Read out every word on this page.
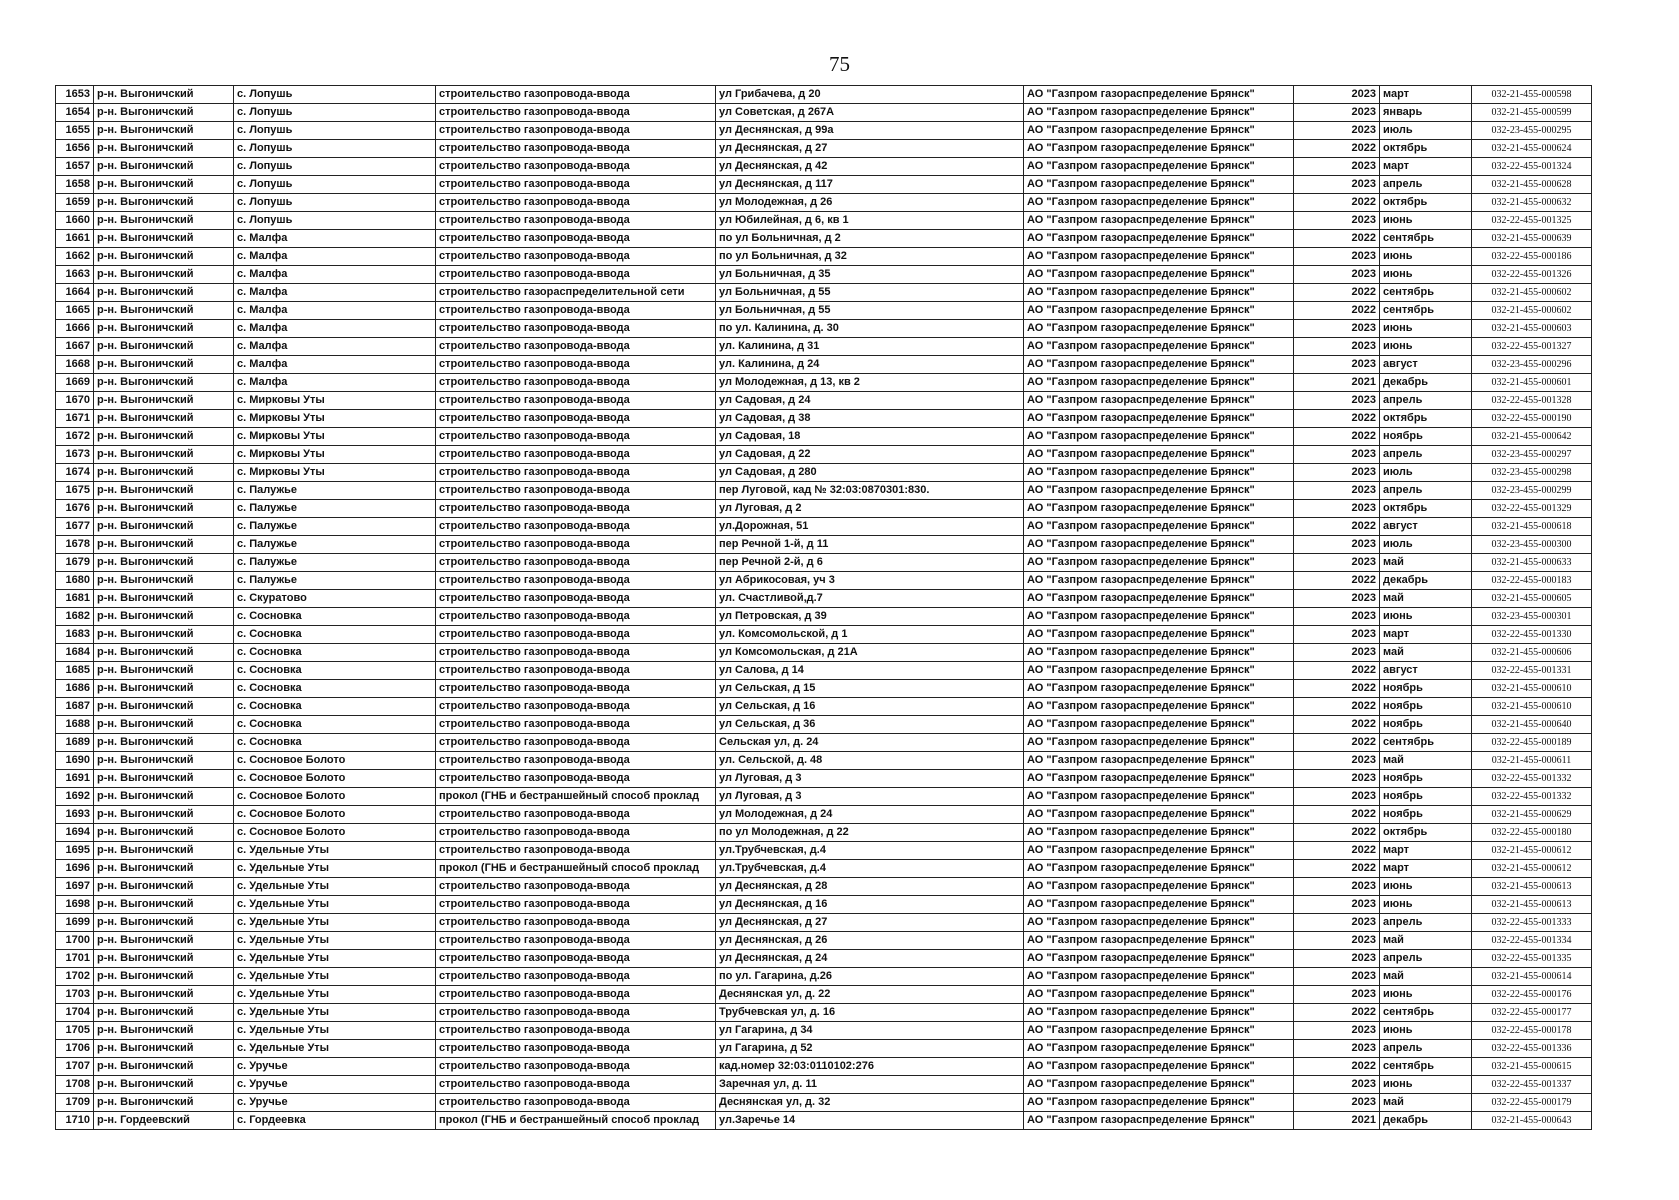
75
1653	р-н. Выгоничский	с. Лопушь	строительство газопровода-ввода	ул Грибачева, д 20	АО "Газпром газораспределение Брянск"	2023	март	032-21-455-000598
1654	р-н. Выгоничский	с. Лопушь	строительство газопровода-ввода	ул Советская, д 267А	АО "Газпром газораспределение Брянск"	2023	январь	032-21-455-000599
1655	р-н. Выгоничский	с. Лопушь	строительство газопровода-ввода	ул Деснянская, д 99а	АО "Газпром газораспределение Брянск"	2023	июль	032-23-455-000295
1656	р-н. Выгоничский	с. Лопушь	строительство газопровода-ввода	ул Деснянская, д 27	АО "Газпром газораспределение Брянск"	2022	октябрь	032-21-455-000624
1657	р-н. Выгоничский	с. Лопушь	строительство газопровода-ввода	ул Деснянская, д 42	АО "Газпром газораспределение Брянск"	2023	март	032-22-455-001324
1658	р-н. Выгоничский	с. Лопушь	строительство газопровода-ввода	ул Деснянская, д 117	АО "Газпром газораспределение Брянск"	2023	апрель	032-21-455-000628
1659	р-н. Выгоничский	с. Лопушь	строительство газопровода-ввода	ул Молодежная, д 26	АО "Газпром газораспределение Брянск"	2022	октябрь	032-21-455-000632
1660	р-н. Выгоничский	с. Лопушь	строительство газопровода-ввода	ул Юбилейная, д 6, кв 1	АО "Газпром газораспределение Брянск"	2023	июнь	032-22-455-001325
1661	р-н. Выгоничский	с. Малфа	строительство газопровода-ввода	по ул Больничная, д 2	АО "Газпром газораспределение Брянск"	2022	сентябрь	032-21-455-000639
1662	р-н. Выгоничский	с. Малфа	строительство газопровода-ввода	по ул Больничная, д 32	АО "Газпром газораспределение Брянск"	2023	июнь	032-22-455-000186
1663	р-н. Выгоничский	с. Малфа	строительство газопровода-ввода	ул Больничная, д 35	АО "Газпром газораспределение Брянск"	2023	июнь	032-22-455-001326
1664	р-н. Выгоничский	с. Малфа	строительство газораспределительной сети	ул Больничная, д 55	АО "Газпром газораспределение Брянск"	2022	сентябрь	032-21-455-000602
1665	р-н. Выгоничский	с. Малфа	строительство газопровода-ввода	ул Больничная, д 55	АО "Газпром газораспределение Брянск"	2022	сентябрь	032-21-455-000602
1666	р-н. Выгоничский	с. Малфа	строительство газопровода-ввода	по ул. Калинина, д. 30	АО "Газпром газораспределение Брянск"	2023	июнь	032-21-455-000603
1667	р-н. Выгоничский	с. Малфа	строительство газопровода-ввода	ул. Калинина, д 31	АО "Газпром газораспределение Брянск"	2023	июнь	032-22-455-001327
1668	р-н. Выгоничский	с. Малфа	строительство газопровода-ввода	ул. Калинина, д 24	АО "Газпром газораспределение Брянск"	2023	август	032-23-455-000296
1669	р-н. Выгоничский	с. Малфа	строительство газопровода-ввода	ул Молодежная, д 13, кв 2	АО "Газпром газораспределение Брянск"	2021	декабрь	032-21-455-000601
1670	р-н. Выгоничский	с. Мирковы Уты	строительство газопровода-ввода	ул Садовая, д 24	АО "Газпром газораспределение Брянск"	2023	апрель	032-22-455-001328
1671	р-н. Выгоничский	с. Мирковы Уты	строительство газопровода-ввода	ул Садовая, д 38	АО "Газпром газораспределение Брянск"	2022	октябрь	032-22-455-000190
1672	р-н. Выгоничский	с. Мирковы Уты	строительство газопровода-ввода	ул Садовая, 18	АО "Газпром газораспределение Брянск"	2022	ноябрь	032-21-455-000642
1673	р-н. Выгоничский	с. Мирковы Уты	строительство газопровода-ввода	ул Садовая, д 22	АО "Газпром газораспределение Брянск"	2023	апрель	032-23-455-000297
1674	р-н. Выгоничский	с. Мирковы Уты	строительство газопровода-ввода	ул Садовая, д 280	АО "Газпром газораспределение Брянск"	2023	июль	032-23-455-000298
1675	р-н. Выгоничский	с. Палужье	строительство газопровода-ввода	пер Луговой, кад № 32:03:0870301:830.	АО "Газпром газораспределение Брянск"	2023	апрель	032-23-455-000299
1676	р-н. Выгоничский	с. Палужье	строительство газопровода-ввода	ул Луговая, д 2	АО "Газпром газораспределение Брянск"	2023	октябрь	032-22-455-001329
1677	р-н. Выгоничский	с. Палужье	строительство газопровода-ввода	ул.Дорожная, 51	АО "Газпром газораспределение Брянск"	2022	август	032-21-455-000618
1678	р-н. Выгоничский	с. Палужье	строительство газопровода-ввода	пер Речной 1-й, д 11	АО "Газпром газораспределение Брянск"	2023	июль	032-23-455-000300
1679	р-н. Выгоничский	с. Палужье	строительство газопровода-ввода	пер Речной 2-й, д 6	АО "Газпром газораспределение Брянск"	2023	май	032-21-455-000633
1680	р-н. Выгоничский	с. Палужье	строительство газопровода-ввода	ул Абрикосовая, уч 3	АО "Газпром газораспределение Брянск"	2022	декабрь	032-22-455-000183
1681	р-н. Выгоничский	с. Скуратово	строительство газопровода-ввода	ул. Счастливой,д.7	АО "Газпром газораспределение Брянск"	2023	май	032-21-455-000605
1682	р-н. Выгоничский	с. Сосновка	строительство газопровода-ввода	ул Петровская, д 39	АО "Газпром газораспределение Брянск"	2023	июнь	032-23-455-000301
1683	р-н. Выгоничский	с. Сосновка	строительство газопровода-ввода	ул. Комсомольской, д 1	АО "Газпром газораспределение Брянск"	2023	март	032-22-455-001330
1684	р-н. Выгоничский	с. Сосновка	строительство газопровода-ввода	ул Комсомольская, д 21А	АО "Газпром газораспределение Брянск"	2023	май	032-21-455-000606
1685	р-н. Выгоничский	с. Сосновка	строительство газопровода-ввода	ул Салова, д 14	АО "Газпром газораспределение Брянск"	2022	август	032-22-455-001331
1686	р-н. Выгоничский	с. Сосновка	строительство газопровода-ввода	ул Сельская, д 15	АО "Газпром газораспределение Брянск"	2022	ноябрь	032-21-455-000610
1687	р-н. Выгоничский	с. Сосновка	строительство газопровода-ввода	ул Сельская, д 16	АО "Газпром газораспределение Брянск"	2022	ноябрь	032-21-455-000610
1688	р-н. Выгоничский	с. Сосновка	строительство газопровода-ввода	ул Сельская, д 36	АО "Газпром газораспределение Брянск"	2022	ноябрь	032-21-455-000640
1689	р-н. Выгоничский	с. Сосновка	строительство газопровода-ввода	Сельская ул, д. 24	АО "Газпром газораспределение Брянск"	2022	сентябрь	032-22-455-000189
1690	р-н. Выгоничский	с. Сосновое Болото	строительство газопровода-ввода	ул. Сельской, д. 48	АО "Газпром газораспределение Брянск"	2023	май	032-21-455-000611
1691	р-н. Выгоничский	с. Сосновое Болото	строительство газопровода-ввода	ул Луговая, д 3	АО "Газпром газораспределение Брянск"	2023	ноябрь	032-22-455-001332
1692	р-н. Выгоничский	с. Сосновое Болото	прокол (ГНБ и бестраншейный способ проклад	ул Луговая, д 3	АО "Газпром газораспределение Брянск"	2023	ноябрь	032-22-455-001332
1693	р-н. Выгоничский	с. Сосновое Болото	строительство газопровода-ввода	ул Молодежная, д 24	АО "Газпром газораспределение Брянск"	2022	ноябрь	032-21-455-000629
1694	р-н. Выгоничский	с. Сосновое Болото	строительство газопровода-ввода	по ул Молодежная, д 22	АО "Газпром газораспределение Брянск"	2022	октябрь	032-22-455-000180
1695	р-н. Выгоничский	с. Удельные Уты	строительство газопровода-ввода	ул.Трубчевская, д.4	АО "Газпром газораспределение Брянск"	2022	март	032-21-455-000612
1696	р-н. Выгоничский	с. Удельные Уты	прокол (ГНБ и бестраншейный способ проклад	ул.Трубчевская, д.4	АО "Газпром газораспределение Брянск"	2022	март	032-21-455-000612
1697	р-н. Выгоничский	с. Удельные Уты	строительство газопровода-ввода	ул Деснянская, д 28	АО "Газпром газораспределение Брянск"	2023	июнь	032-21-455-000613
1698	р-н. Выгоничский	с. Удельные Уты	строительство газопровода-ввода	ул Деснянская, д 16	АО "Газпром газораспределение Брянск"	2023	июнь	032-21-455-000613
1699	р-н. Выгоничский	с. Удельные Уты	строительство газопровода-ввода	ул Деснянская, д 27	АО "Газпром газораспределение Брянск"	2023	апрель	032-22-455-001333
1700	р-н. Выгоничский	с. Удельные Уты	строительство газопровода-ввода	ул Деснянская, д 26	АО "Газпром газораспределение Брянск"	2023	май	032-22-455-001334
1701	р-н. Выгоничский	с. Удельные Уты	строительство газопровода-ввода	ул Деснянская, д 24	АО "Газпром газораспределение Брянск"	2023	апрель	032-22-455-001335
1702	р-н. Выгоничский	с. Удельные Уты	строительство газопровода-ввода	по ул. Гагарина, д.26	АО "Газпром газораспределение Брянск"	2023	май	032-21-455-000614
1703	р-н. Выгоничский	с. Удельные Уты	строительство газопровода-ввода	Деснянская ул, д. 22	АО "Газпром газораспределение Брянск"	2023	июнь	032-22-455-000176
1704	р-н. Выгоничский	с. Удельные Уты	строительство газопровода-ввода	Трубчевская ул, д. 16	АО "Газпром газораспределение Брянск"	2022	сентябрь	032-22-455-000177
1705	р-н. Выгоничский	с. Удельные Уты	строительство газопровода-ввода	ул Гагарина, д 34	АО "Газпром газораспределение Брянск"	2023	июнь	032-22-455-000178
1706	р-н. Выгоничский	с. Удельные Уты	строительство газопровода-ввода	ул Гагарина, д 52	АО "Газпром газораспределение Брянск"	2023	апрель	032-22-455-001336
1707	р-н. Выгоничский	с. Уручье	строительство газопровода-ввода	кад.номер 32:03:0110102:276	АО "Газпром газораспределение Брянск"	2022	сентябрь	032-21-455-000615
1708	р-н. Выгоничский	с. Уручье	строительство газопровода-ввода	Заречная ул, д. 11	АО "Газпром газораспределение Брянск"	2023	июнь	032-22-455-001337
1709	р-н. Выгоничский	с. Уручье	строительство газопровода-ввода	Деснянская ул, д. 32	АО "Газпром газораспределение Брянск"	2023	май	032-22-455-000179
1710	р-н. Гордеевский	с. Гордеевка	прокол (ГНБ и бестраншейный способ проклад	ул.Заречье 14	АО "Газпром газораспределение Брянск"	2021	декабрь	032-21-455-000643
